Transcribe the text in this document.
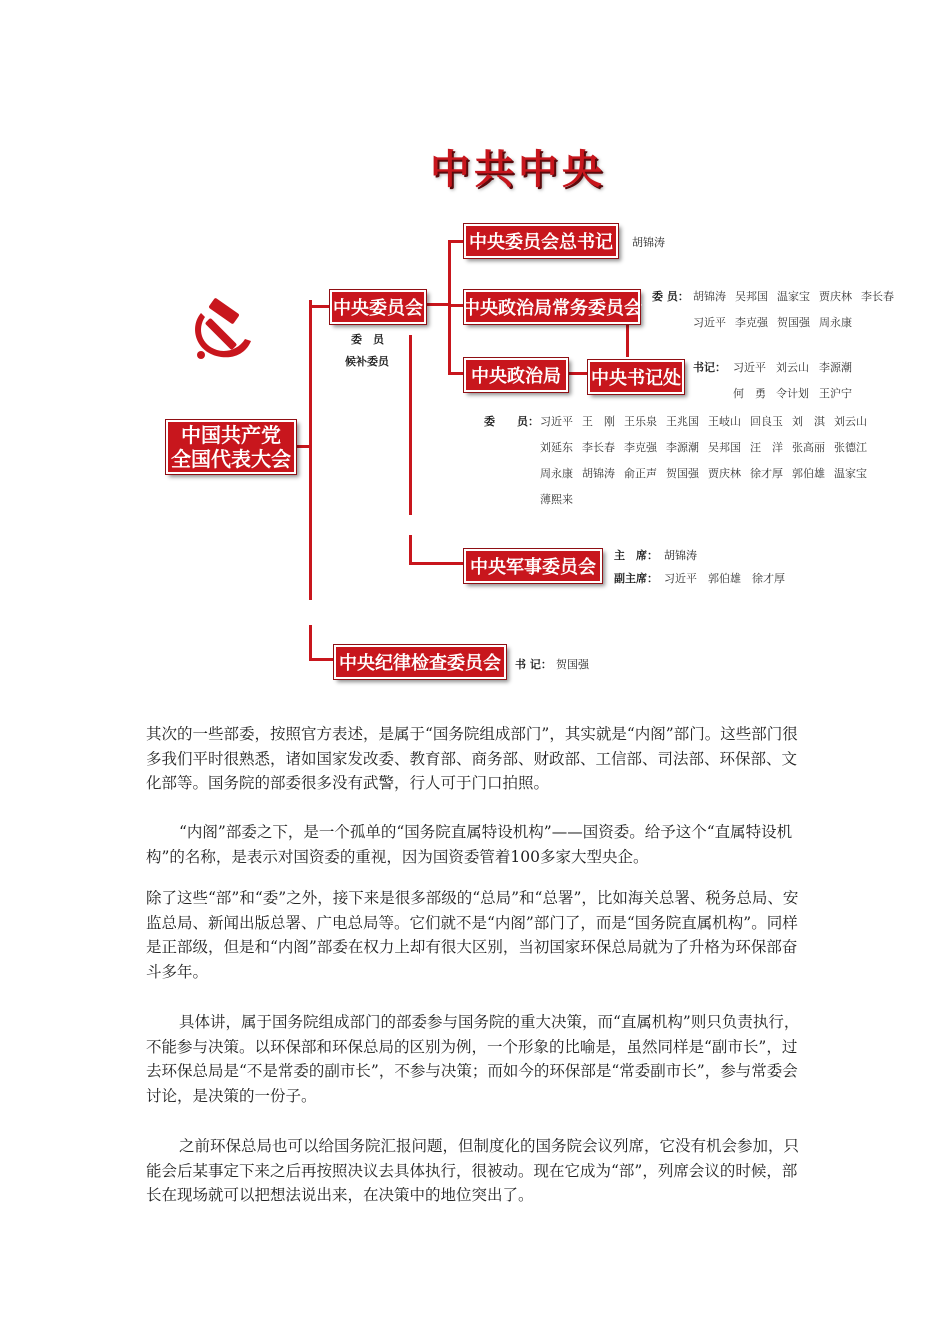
中共中央
中国共产党
全国代表大会
中央委员会
委　员
候补委员
中央委员会总书记	胡锦涛
中央政治局常务委员会
委 员： 胡锦涛 吴邦国 温家宝 贾庆林 李长春
习近平 李克强 贺国强 周永康
中央政治局	中央书记处
书记： 习近平 刘云山 李源潮
何　勇 令计划 王沪宁
委　　员： 习近平 王　刚 王乐泉 王兆国 王岐山 回良玉 刘　淇 刘云山
刘延东 李长春 李克强 李源潮 吴邦国 汪　洋 张高丽 张德江
周永康 胡锦涛 俞正声 贺国强 贾庆林 徐才厚 郭伯雄 温家宝
薄熙来
中央军事委员会
主　席： 胡锦涛
副主席： 习近平	郭伯雄	徐才厚
中央纪律检查委员会	书 记： 贺国强

其次的一些部委，按照官方表述，是属于“国务院组成部门”，其实就是“内阁”部门。这些部门很多我们平时很熟悉，诸如国家发改委、教育部、商务部、财政部、工信部、司法部、环保部、文化部等。国务院的部委很多没有武警，行人可于门口拍照。

“内阁”部委之下，是一个孤单的“国务院直属特设机构”——国资委。给予这个“直属特设机构”的名称，是表示对国资委的重视，因为国资委管着100多家大型央企。

除了这些“部”和“委”之外，接下来是很多部级的“总局”和“总署”，比如海关总署、税务总局、安监总局、新闻出版总署、广电总局等。它们就不是“内阁”部门了，而是“国务院直属机构”。同样是正部级，但是和“内阁”部委在权力上却有很大区别，当初国家环保总局就为了升格为环保部奋斗多年。

具体讲，属于国务院组成部门的部委参与国务院的重大决策，而“直属机构”则只负责执行，不能参与决策。以环保部和环保总局的区别为例，一个形象的比喻是，虽然同样是“副市长”，过去环保总局是“不是常委的副市长”，不参与决策；而如今的环保部是“常委副市长”，参与常委会讨论，是决策的一份子。

之前环保总局也可以给国务院汇报问题，但制度化的国务院会议列席，它没有机会参加，只能会后某事定下来之后再按照决议去具体执行，很被动。现在它成为“部”，列席会议的时候，部长在现场就可以把想法说出来，在决策中的地位突出了。
